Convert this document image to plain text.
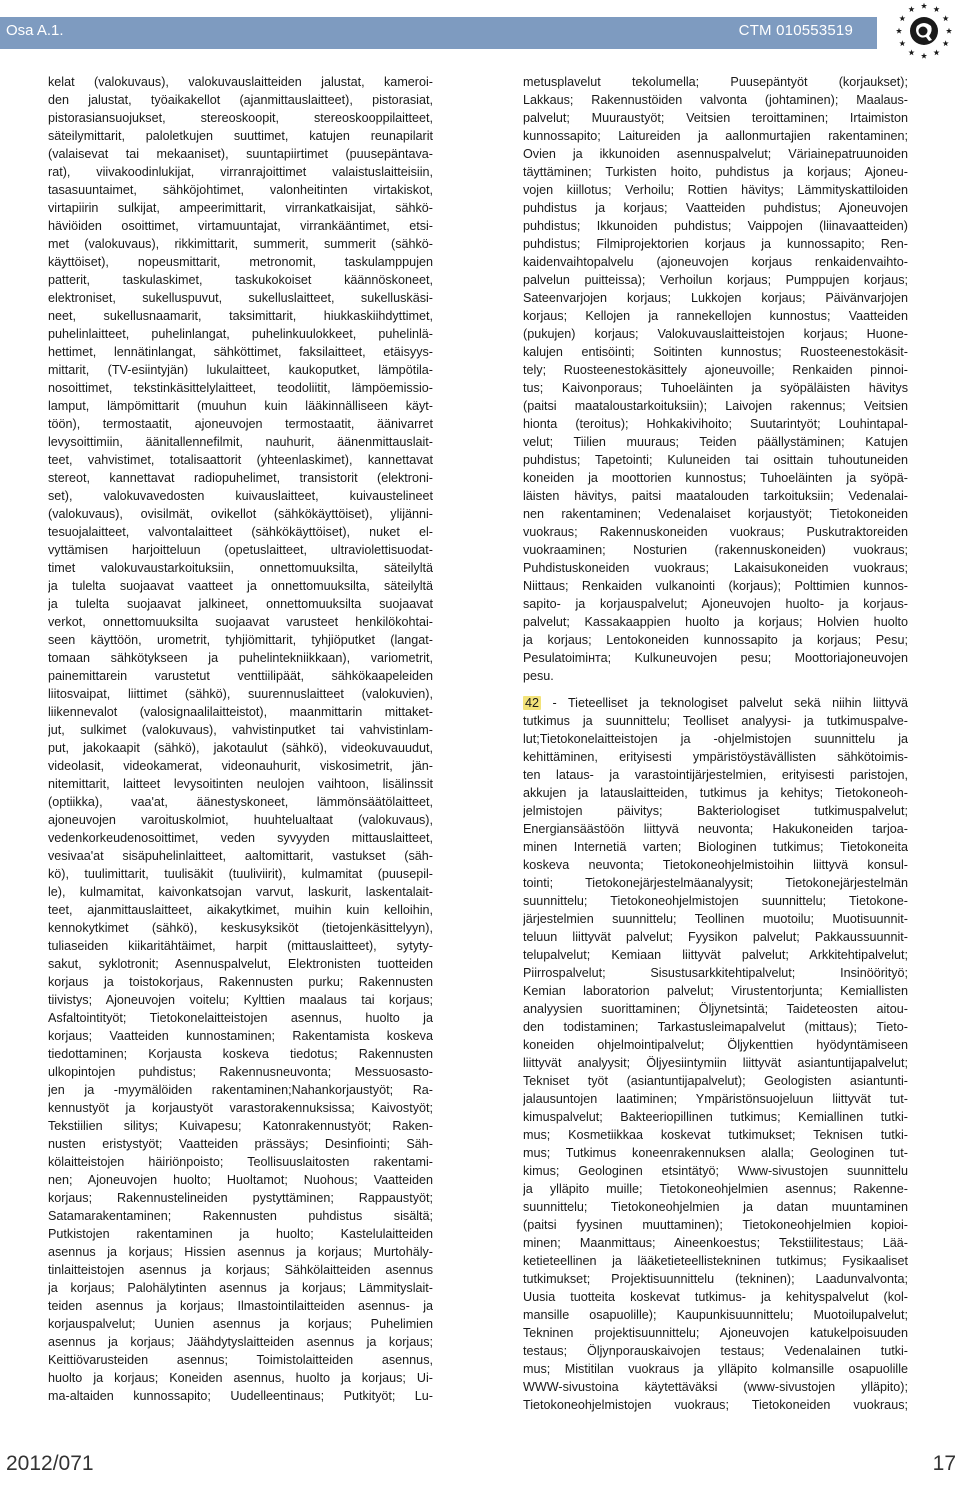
Osa A.1.	CTM 010553519
kelat (valokuvaus), valokuvauslaitteiden jalustat, kameroi-
den jalustat, työaikakellot (ajanmittauslaitteet), pistorasiat,
pistorasiansuojukset, stereoskoopit, stereoskooppilaitteet,
säteilymittarit, paloletkujen suuttimet, katujen reunapilarit
(valaisevat tai mekaaniset), suuntapiirtimet (puusepäntava-
rat), viivakoodinlukijat, virranrajoittimet valaistuslaitteisiin,
tasasuuntaimet, sähköjohtimet, valonheitinten virtakiskot,
virtapiirin sulkijat, ampeerimittarit, virrankatkaisijat, sähkö-
häviöiden osoittimet, virtamuuntajat, virrankääntimet, etsi-
met (valokuvaus), rikkimittarit, summerit, summerit (sähkö-
käyttöiset), nopeusmittarit, metronomit, taskulamppujen
patterit, taskulaskimet, taskukokoiset käännöskoneet,
elektroniset, sukelluspuvut, sukelluslaitteet, sukelluskäsi-
neet, sukellusnaamarit, taksimittarit, hiukkaskiihdyttimet,
puhelinlaitteet, puhelinlangat, puhelinkuulokkeet, puhelinlä-
hettimet, lennätinlangat, sähköttimet, faksilaitteet, etäisyys-
mittarit, (TV-esiintyjän) lukulaitteet, kaukoputket, lämpötila-
nosoittimet, tekstinkäsittelylaitteet, teodoliitit, lämpöemissio-
lamput, lämpömittarit (muuhun kuin lääkinnälliseen käyt-
töön), termostaatit, ajoneuvojen termostaatit, äänivarret
levysoittimiin, äänitallennefilmit, nauhurit, äänenmittauslait-
teet, vahvistimet, totalisaattorit (yhteenlaskimet), kannettavat
stereot, kannettavat radiopuhelimet, transistorit (elektroni-
set), valokuvavedosten kuivauslaitteet, kuivaustelineet
(valokuvaus), ovisilmät, ovikellot (sähkökäyttöiset), ylijänni-
tesuojalaitteet, valvontalaitteet (sähkökäyttöiset), nuket el-
vyttämisen harjoitteluun (opetuslaitteet, ultraviolettisuodat-
timet valokuvaustarkoituksiin, onnettomuuksilta, säteilyltä
ja tulelta suojaavat vaatteet ja onnettomuuksilta, säteilyltä
ja tulelta suojaavat jalkineet, onnettomuuksilta suojaavat
verkot, onnettomuuksilta suojaavat varusteet henkilökohtai-
seen käyttöön, urometrit, tyhjiömittarit, tyhjiöputket (langat-
tomaan sähkötykseen ja puhelintekniikkaan), variometrit,
painemittarein varustetut venttiilipäät, sähkökaapeleiden
liitosvaipat, liittimet (sähkö), suurennuslaitteet (valokuvien),
liikennevalot (valosignaalilaitteistot), maanmittarin mittaket-
jut, sulkimet (valokuvaus), vahvistinputket tai vahvistinlam-
put, jakokaapit (sähkö), jakotaulut (sähkö), videokuvauudut,
videolasit, videokamerat, videonauhurit, viskosimetrit, jän-
nitemittarit, laitteet levysoitinten neulojen vaihtoon, lisälinssit
(optiikka), vaa'at, äänestyskoneet, lämmönsäätölaitteet,
ajoneuvojen varoituskolmiot, huuhtelualtaat (valokuvaus),
vedenkorkeudenosoittimet, veden syvyyden mittauslaitteet,
vesivaa'at sisäpuhelinlaitteet, aaltomittarit, vastukset (säh-
kö), tuulimittarit, tuulisäkit (tuuliviirit), kulmamitat (puusepil-
le), kulmamitat, kaivonkatsojan varvut, laskurit, laskentalait-
teet, ajanmittauslaitteet, aikakytkimet, muihin kuin kelloihin,
kennokytkimet (sähkö), keskusyksiköt (tietojenkäsittelyyn),
tuliaseiden kiikaritähtäimet, harpit (mittauslaitteet), sytyty-
sakut, syklotronit; Asennuspalvelut, Elektronisten tuotteiden
korjaus ja toistokorjaus, Rakennusten purku; Rakennusten
tiivistys; Ajoneuvojen voitelu; Kylttien maalaus tai korjaus;
Asfaltointityöt; Tietokonelaitteistojen asennus, huolto ja
korjaus; Vaatteiden kunnostaminen; Rakentamista koskeva
tiedottaminen; Korjausta koskeva tiedotus; Rakennusten
ulkopintojen puhdistus; Rakennusneuvonta; Messuosasto-
jen ja -myymälöiden rakentaminen;Nahankorjaustyöt; Ra-
kennustyöt ja korjaustyöt varastorakennuksissa; Kaivostyöt;
Tekstiilien silitys; Kuivapesu; Katonrakennustyöt; Raken-
nusten eristystyöt; Vaatteiden prässäys; Desinfiointi; Säh-
kölaitteistojen häiriönpoisto; Teollisuuslaitosten rakentami-
nen; Ajoneuvojen huolto; Huoltamot; Nuohous; Vaatteiden
korjaus; Rakennustelineiden pystyttäminen; Rappaustyöt;
Satamarakentaminen; Rakennusten puhdistus sisältä;
Putkistojen rakentaminen ja huolto; Kastelulaitteiden
asennus ja korjaus; Hissien asennus ja korjaus; Murtohäly-
tinlaitteistojen asennus ja korjaus; Sähkölaitteiden asennus
ja korjaus; Palohälytinten asennus ja korjaus; Lämmityslait-
teiden asennus ja korjaus; Ilmastointilaitteiden asennus- ja
korjauspalvelut; Uunien asennus ja korjaus; Puhelimien
asennus ja korjaus; Jäähdytyslaitteiden asennus ja korjaus;
Keittiövarusteiden asennus; Toimistolaitteiden asennus,
huolto ja korjaus; Koneiden asennus, huolto ja korjaus; Ui-
ma-altaiden kunnossapito; Uudelleentinaus; Putkityöt; Lu-
metusplavelut tekolumella; Puusepäntyöt (korjaukset);
Lakkaus; Rakennustöiden valvonta (johtaminen); Maalaus-
palvelut; Muuraustyöt; Veitsien teroittaminen; Irtaimiston
kunnossapito; Laitureiden ja aallonmurtajien rakentaminen;
Ovien ja ikkunoiden asennuspalvelut; Väriainepatruunoiden
täyttäminen; Turkisten hoito, puhdistus ja korjaus; Ajoneu-
vojen kiillotus; Verhoilu; Rottien hävitys; Lämmityskattiloiden
puhdistus ja korjaus; Vaatteiden puhdistus; Ajoneuvojen
puhdistus; Ikkunoiden puhdistus; Vaippojen (liinavaatteiden)
puhdistus; Filmiprojektorien korjaus ja kunnossapito; Ren-
kaidenvaihtopalvelu (ajoneuvojen korjaus renkaidenvaihto-
palvelun puitteissa); Verhoilun korjaus; Pumppujen korjaus;
Sateenvarjojen korjaus; Lukkojen korjaus; Päivänvarjojen
korjaus; Kellojen ja rannekellojen kunnostus; Vaatteiden
(pukujen) korjaus; Valokuvauslaitteistojen korjaus; Huone-
kalujen entisöinti; Soitinten kunnostus; Ruosteenestokäsit-
tely; Ruosteenestokäsittely ajoneuvoille; Renkaiden pinnoi-
tus; Kaivonporaus; Tuhoeläinten ja syöpäläisten hävitys
(paitsi maataloustarkoituksiin); Laivojen rakennus; Veitsien
hionta (teroitus); Hohkakivihoito; Suutarintyöt; Louhintapal-
velut; Tiilien muuraus; Teiden päällystäminen; Katujen
puhdistus; Tapetointi; Kuluneiden tai osittain tuhoutuneiden
koneiden ja moottorien kunnostus; Tuhoeläinten ja syöpä-
läisten hävitys, paitsi maatalouden tarkoituksiin; Vedenalai-
nen rakentaminen; Vedenalaiset korjaustyöt; Tietokoneiden
vuokraus; Rakennuskoneiden vuokraus; Puskutraktoreiden
vuokraaminen; Nosturien (rakennuskoneiden) vuokraus;
Puhdistuskoneiden vuokraus; Lakaisukoneiden vuokraus;
Niittaus; Renkaiden vulkanointi (korjaus); Polttimien kunnos-
sapito- ja korjauspalvelut; Ajoneuvojen huolto- ja korjaus-
palvelut; Kassakaappien huolto ja korjaus; Holvien huolto
ja korjaus; Lentokoneiden kunnossapito ja korjaus; Pesu;
Pesulatoimінта; Kulkuneuvojen pesu; Moottoriajoneuvojen
pesu.
42 - Tieteelliset ja teknologiset palvelut sekä niihin liittyvä
tutkimus ja suunnittelu; Teolliset analyysi- ja tutkimuspalve-
lut;Tietokonelaitteistojen ja -ohjelmistojen suunnittelu ja
kehittäminen, erityisesti ympäristöystävällisten sähkötoimis-
ten lataus- ja varastointijärjestelmien, erityisesti paristojen,
akkujen ja latauslaitteiden, tutkimus ja kehitys; Tietokoneoh-
jelmistojen päivitys; Bakteriologiset tutkimuspalvelut;
Energiansäästöön liittyvä neuvonta; Hakukoneiden tarjoa-
minen Internetiä varten; Biologinen tutkimus; Tietokoneita
koskeva neuvonta; Tietokoneohjelmistoihin liittyvä konsul-
tointi; Tietokonejärjestelmäanalyysit; Tietokonejärjestelmän
suunnittelu; Tietokoneohjelmistojen suunnittelu; Tietokone-
järjestelmien suunnittelu; Teollinen muotoilu; Muotisuunnit-
teluun liittyvät palvelut; Fyysikon palvelut; Pakkaussuunnit-
telupalvelut; Kemiaan liittyvät palvelut; Arkkitehtipalvelut;
Piirrospalvelut; Sisustusarkkitehtipalvelut; Insinöörityö;
Kemian laboratorion palvelut; Virustentorjunta; Kemiallisten
analyysien suorittaminen; Öljynetsintä; Taideteosten aitou-
den todistaminen; Tarkastusleimapalvelut (mittaus); Tieto-
koneiden ohjelmointipalvelut; Öljykenttien hyödyntämiseen
liittyvät analyysit; Öljyesiintymiin liittyvät asiantuntijapalvelut;
Tekniset työt (asiantuntijapalvelut); Geologisten asiantunti-
jalausuntojen laatiminen; Ympäristönsuojeluun liittyvät tut-
kimuspalvelut; Bakteeriopillinen tutkimus; Kemiallinen tutki-
mus; Kosmetiikkaa koskevat tutkimukset; Teknisen tutki-
mus; Tutkimus koneenrakennuksen alalla; Geologinen tut-
kimus; Geologinen etsintätyö; Www-sivustojen suunnittelu
ja ylläpito muille; Tietokoneohjelmien asennus; Rakenne-
suunnittelu; Tietokoneohjelmien ja datan muuntaminen
(paitsi fyysinen muuttaminen); Tietokoneohjelmien kopioi-
minen; Maanmittaus; Aineenkoestus; Tekstiilitestaus; Lää-
ketieteellinen ja lääketieteellistekninen tutkimus; Fysikaaliset
tutkimukset; Projektisuunnittelu (tekninen); Laadunvalvonta;
Uusia tuotteita koskevat tutkimus- ja kehityspalvelut (kol-
mansille osapuolille); Kaupunkisuunnittelu; Muotoilupalvelut;
Tekninen projektisuunnittelu; Ajoneuvojen katukelpoisuuden
testaus; Öljynporauskaivojen testaus; Vedenalainen tutki-
mus; Mistitilan vuokraus ja ylläpito kolmansille osapuolille
WWW-sivustoina käytettäväksi (www-sivustojen ylläpito);
Tietokoneohjelmistojen vuokraus; Tietokoneiden vuokraus;
2012/071	17
